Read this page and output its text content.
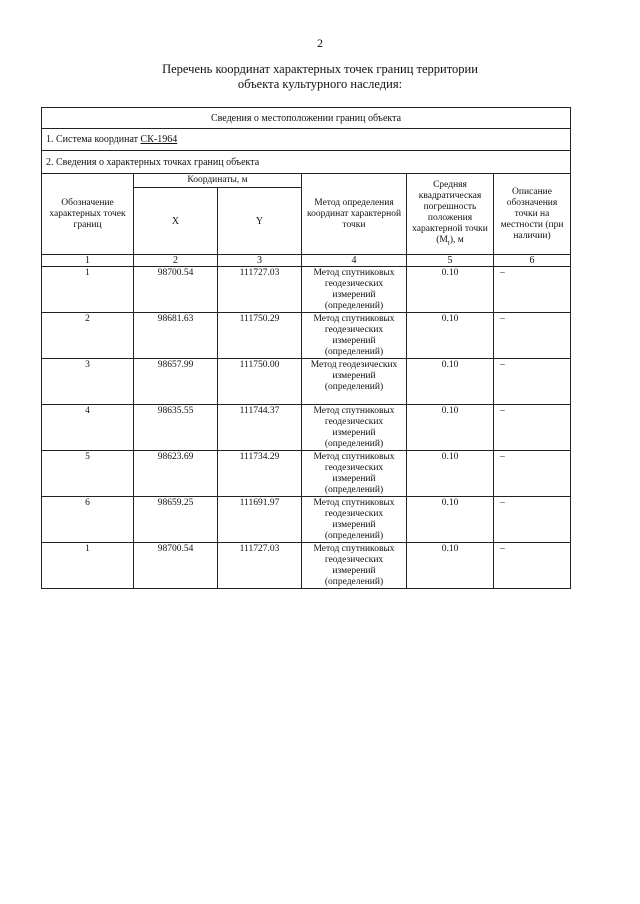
2
Перечень координат характерных точек границ территории
объекта культурного наследия:
Сведения о местоположении границ объекта					
1. Система координат СК-1964					
2. Сведения о характерных точках границ объекта					
Обозначение характерных точек границ	Координаты, м		Метод определения координат характерной точки	Средняя квадратическая погрешность положения характерной точки $(M_t)$, м	Описание обозначения точки на местности (при наличии)
	X	Y			
1	2	3	4	5	6
1	98700.54	111727.03	Метод спутниковых геодезических измерений (определений)	0.10	–
2	98681.63	111750.29	Метод спутниковых геодезических измерений (определений)	0.10	–
3	98657.99	111750.00	Метод геодезических измерений (определений)	0.10	–
4	98635.55	111744.37	Метод спутниковых геодезических измерений (определений)	0.10	–
5	98623.69	111734.29	Метод спутниковых геодезических измерений (определений)	0.10	–
6	98659.25	111691.97	Метод спутниковых геодезических измерений (определений)	0.10	–
1	98700.54	111727.03	Метод спутниковых геодезических измерений (определений)	0.10	–
